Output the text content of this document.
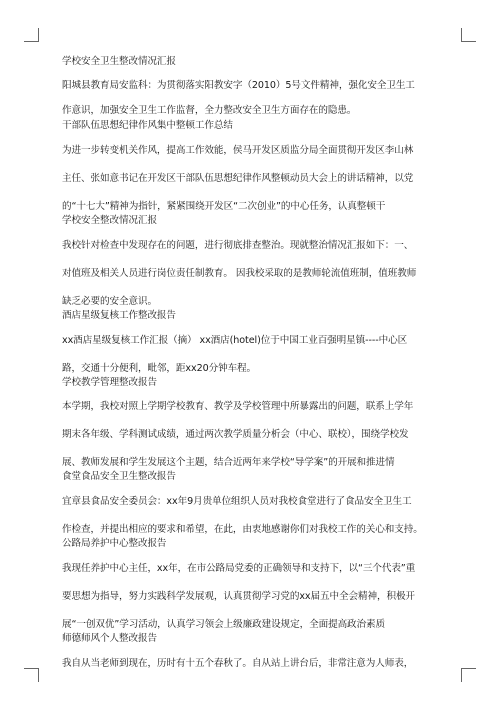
学校安全卫生整改情况汇报
阳城县教育局安监科：为贯彻落实阳教安字（2010）5号文件精神，强化安全卫生工
作意识，加强安全卫生工作监督，全力整改安全卫生方面存在的隐患。
干部队伍思想纪律作风集中整顿工作总结
为进一步转变机关作风，提高工作效能，侯马开发区质监分局全面贯彻开发区李山林
主任、张如意书记在开发区干部队伍思想纪律作风整顿动员大会上的讲话精神，以党
的“十七大”精神为指针，紧紧围绕开发区“二次创业”的中心任务，认真整顿干
学校安全整改情况汇报
我校针对检查中发现存在的问题，进行彻底排查整治。现就整治情况汇报如下：一、
对值班及相关人员进行岗位责任制教育。 因我校采取的是教师轮流值班制，值班教师
缺乏必要的安全意识。
酒店星级复核工作整改报告
xx酒店星级复核工作汇报（摘） xx酒店(hotel)位于中国工业百强明星镇----中心区
路，交通十分便利，毗邻，距xx20分钟车程。
学校教学管理整改报告
本学期，我校对照上学期学校教育、教学及学校管理中所暴露出的问题，联系上学年
期末各年级、学科测试成绩，通过两次教学质量分析会（中心、联校），围绕学校发
展、教师发展和学生发展这个主题，结合近两年来学校“导学案”的开展和推进情
食堂食品安全卫生整改报告
宜章县食品安全委员会：xx年9月贵单位组织人员对我校食堂进行了食品安全卫生工
作检查，并提出相应的要求和希望，在此，由衷地感谢你们对我校工作的关心和支持。
公路局养护中心整改报告
我现任养护中心主任，xx年，在市公路局党委的正确领导和支持下，以“三个代表”重
要思想为指导，努力实践科学发展观，认真贯彻学习党的xx届五中全会精神，积极开
展“一创双优”学习活动，认真学习领会上级廉政建设规定，全面提高政治素质
师德师风个人整改报告
我自从当老师到现在，历时有十五个春秋了。自从站上讲台后，非常注意为人师表，
